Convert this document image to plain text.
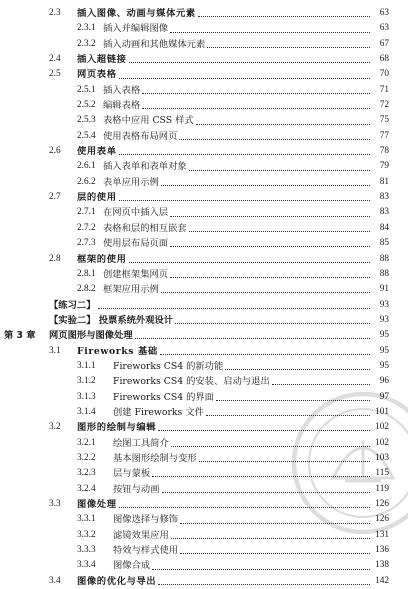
2.3 插入图像、动画与媒体元素	63
2.3.1 插入并编辑图像	63
2.3.2 插入动画和其他媒体元素	67
2.4 插入超链接	68
2.5 网页表格	70
2.5.1 插入表格	71
2.5.2 编辑表格	72
2.5.3 表格中应用 CSS 样式	75
2.5.4 使用表格布局网页	77
2.6 使用表单	78
2.6.1 插入表单和表单对象	79
2.6.2 表单应用示例	81
2.7 层的使用	83
2.7.1 在网页中插入层	83
2.7.2 表格和层的相互嵌套	84
2.7.3 使用层布局页面	85
2.8 框架的使用	88
2.8.1 创建框架集网页	88
2.8.2 框架应用示例	91
【练习二】	93
【实验二】 投票系统外观设计	93
第 3 章 网页图形与图像处理	95
3.1 Fireworks 基础	95
3.1.1 Fireworks CS4 的新功能	95
3.1.2 Fireworks CS4 的安装、启动与退出	96
3.1.3 Fireworks CS4 的界面	97
3.1.4 创建 Fireworks 文件	101
3.2 图形的绘制与编辑	102
3.2.1 绘图工具简介	102
3.2.2 基本图形绘制与变形	103
3.2.3 层与蒙板	115
3.2.4 按钮与动画	119
3.3 图像处理	126
3.3.1 图像选择与修饰	126
3.3.2 滤镜效果应用	131
3.3.3 特效与样式使用	136
3.3.4 图像合成	138
3.4 图像的优化与导出	142
